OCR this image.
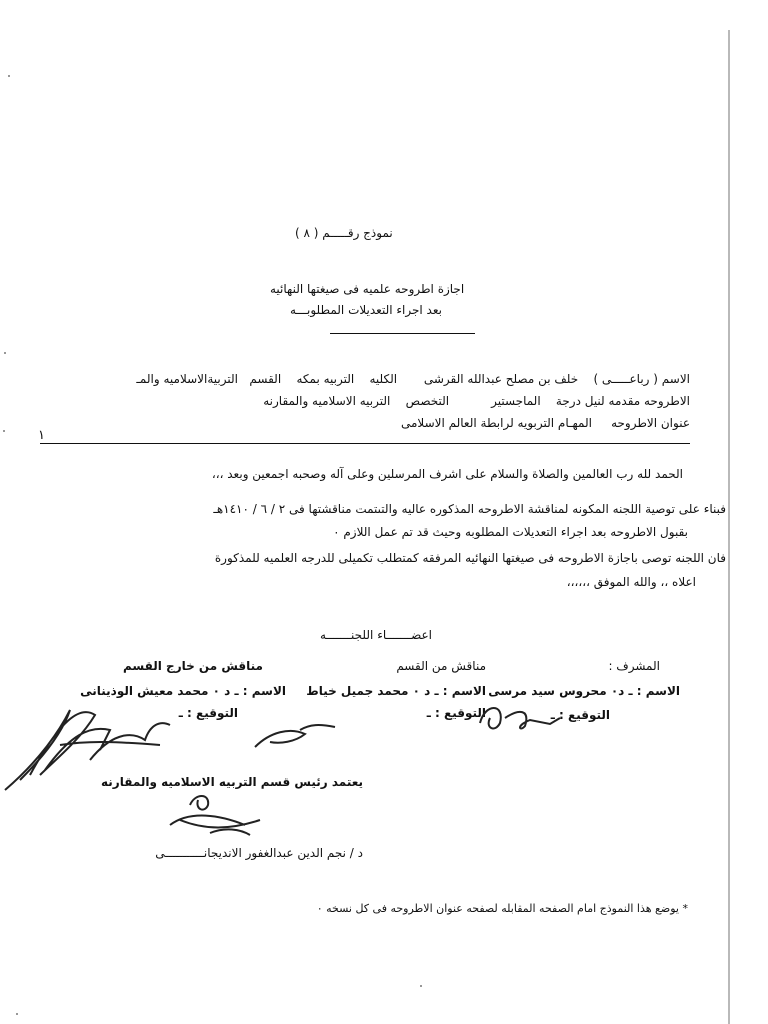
نموذج رقـــــم ( ٨ )
اجازة اطروحه علميه فى صيغتها النهائيه
بعد اجراء التعديلات المطلوبـــه
الاسم ( رباعـــــى )    خلف بن مصلح عبدالله القرشى       الكليه    التربيه بمكه    القسم   التربيةالاسلاميه والمـ
الاطروحه مقدمه لنيل درجة    الماجستير           التخصص    التربيه الاسلاميه والمقارنه
عنوان الاطروحه     المهـام التربويه لرابطة العالم الاسلامى
١
الحمد لله رب العالمين والصلاة والسلام على اشرف المرسلين وعلى آله وصحبه اجمعين وبعد ،،،
فبناء على توصية اللجنه المكونه لمناقشة الاطروحه المذكوره عاليه والتىتمت مناقشتها فى ٢ / ٦ / ١٤١٠هـ
بقبول الاطروحه بعد اجراء التعديلات المطلوبه وحيث قد تم عمل اللازم ٠
فان اللجنه توصى باجازة الاطروحه فى صيغتها النهائيه المرفقه كمتطلب تكميلى للدرجه العلميه للمذكورة
اعلاه ،، والله الموفق ،،،،،،
اعضـــــــاء اللجنـــــــه
المشرف :
مناقش من القسم
مناقش من خارج القسم
الاسم : ـ د٠ محروس سيد مرسى
الاسم : ـ د ٠ محمد جميل خياط
الاسم : ـ د ٠ محمد معيش الوذينانى
التوقيع : ـ
التوقيع : ـ
التوقيع : ـ
يعتمد رئيس قسم التربيه الاسلاميه والمقارنه
د / نجم الدين عبدالغفور الانديجانـــــــــــى
* يوضع هذا النموذج امام الصفحه المقابله لصفحه عنوان الاطروحه فى كل نسخه ٠
